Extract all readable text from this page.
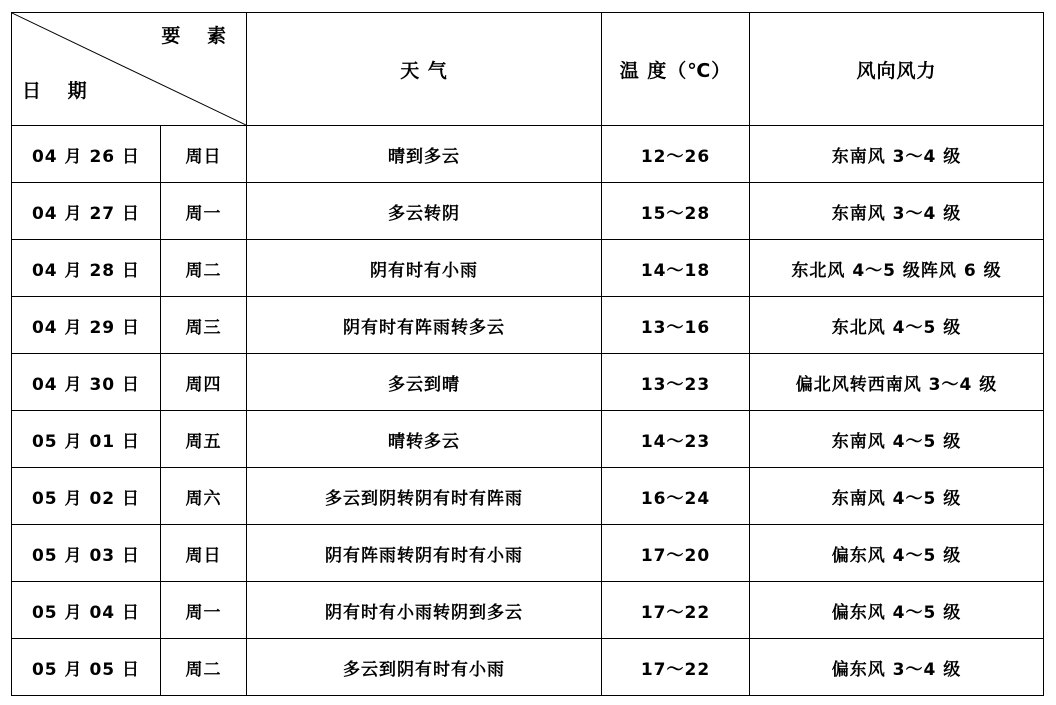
要 素
日 期		天 气	温 度（℃）	风向风力
04 月 26 日	周日	晴到多云	12～26	东南风 3～4 级
04 月 27 日	周一	多云转阴	15～28	东南风 3～4 级
04 月 28 日	周二	阴有时有小雨	14～18	东北风 4～5 级阵风 6 级
04 月 29 日	周三	阴有时有阵雨转多云	13～16	东北风 4～5 级
04 月 30 日	周四	多云到晴	13～23	偏北风转西南风 3～4 级
05 月 01 日	周五	晴转多云	14～23	东南风 4～5 级
05 月 02 日	周六	多云到阴转阴有时有阵雨	16～24	东南风 4～5 级
05 月 03 日	周日	阴有阵雨转阴有时有小雨	17～20	偏东风 4～5 级
05 月 04 日	周一	阴有时有小雨转阴到多云	17～22	偏东风 4～5 级
05 月 05 日	周二	多云到阴有时有小雨	17～22	偏东风 3～4 级
